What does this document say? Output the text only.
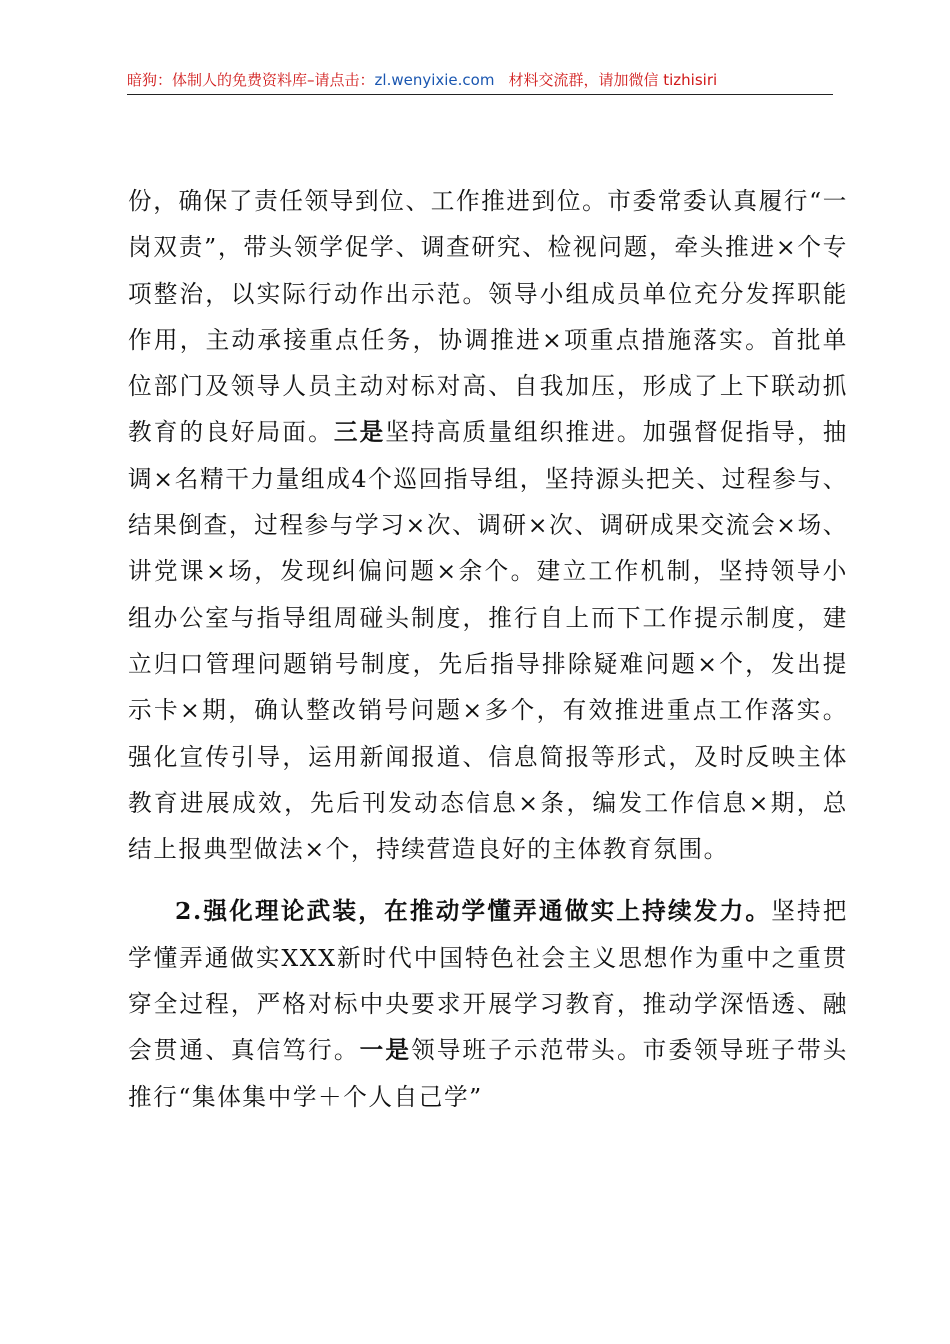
暗狗：体制人的免费资料库–请点击：zl.wenyixie.com 材料交流群，请加微信 tizhisiri

份，确保了责任领导到位、工作推进到位。市委常委认真履行“一岗双责”，带头领学促学、调查研究、检视问题，牵头推进×个专项整治，以实际行动作出示范。领导小组成员单位充分发挥职能作用，主动承接重点任务，协调推进×项重点措施落实。首批单位部门及领导人员主动对标对高、自我加压，形成了上下联动抓教育的良好局面。三是坚持高质量组织推进。加强督促指导，抽调×名精干力量组成4个巡回指导组，坚持源头把关、过程参与、结果倒查，过程参与学习×次、调研×次、调研成果交流会×场、讲党课×场，发现纠偏问题×余个。建立工作机制，坚持领导小组办公室与指导组周碰头制度，推行自上而下工作提示制度，建立归口管理问题销号制度，先后指导排除疑难问题×个，发出提示卡×期，确认整改销号问题×多个，有效推进重点工作落实。强化宣传引导，运用新闻报道、信息简报等形式，及时反映主体教育进展成效，先后刊发动态信息×条，编发工作信息×期，总结上报典型做法×个，持续营造良好的主体教育氛围。

2.强化理论武装，在推动学懂弄通做实上持续发力。坚持把学懂弄通做实XXX新时代中国特色社会主义思想作为重中之重贯穿全过程，严格对标中央要求开展学习教育，推动学深悟透、融会贯通、真信笃行。一是领导班子示范带头。市委领导班子带头推行“集体集中学＋个人自己学”
